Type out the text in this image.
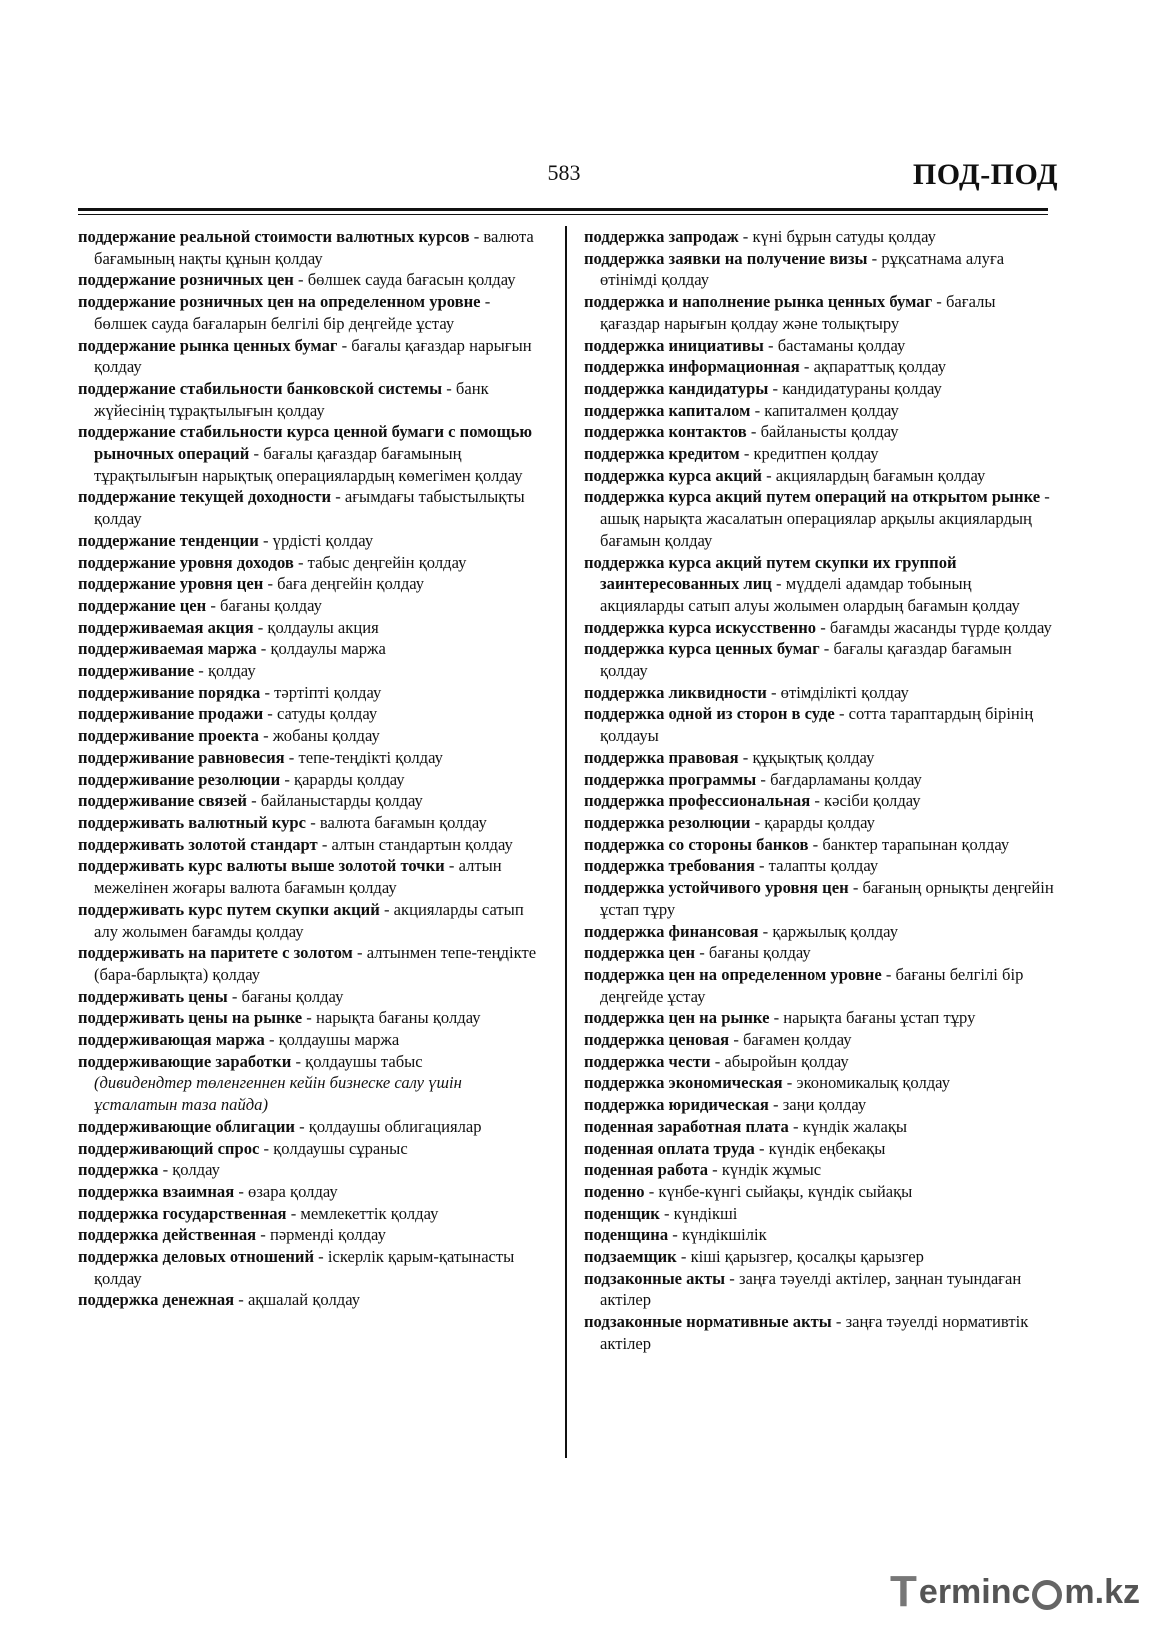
583	ПОД-ПОД
поддержание реальной стоимости валютных курсов - валюта бағамының нақты құнын қолдау
поддержание розничных цен - бөлшек сауда бағасын қолдау
поддержание розничных цен на определенном уровне - бөлшек сауда бағаларын белгілі бір деңгейде ұстау
поддержание рынка ценных бумаг - бағалы қағаздар нарығын қолдау
поддержание стабильности банковской системы - банк жүйесінің тұрақтылығын қолдау
поддержание стабильности курса ценной бумаги с помощью рыночных операций - бағалы қағаздар бағамының тұрақтылығын нарықтық операциялардың көмегімен қолдау
поддержание текущей доходности - ағымдағы табыстылықты қолдау
поддержание тенденции - үрдісті қолдау
поддержание уровня доходов - табыс деңгейін қолдау
поддержание уровня цен - баға деңгейін қолдау
поддержание цен - бағаны қолдау
поддерживаемая акция - қолдаулы акция
поддерживаемая маржа - қолдаулы маржа
поддерживание - қолдау
поддерживание порядка - тәртіпті қолдау
поддерживание продажи - сатуды қолдау
поддерживание проекта - жобаны қолдау
поддерживание равновесия - тепе-теңдікті қолдау
поддерживание резолюции - қарарды қолдау
поддерживание связей - байланыстарды қолдау
поддерживать валютный курс - валюта бағамын қолдау
поддерживать золотой стандарт - алтын стандартын қолдау
поддерживать курс валюты выше золотой точки - алтын межелінен жоғары валюта бағамын қолдау
поддерживать курс путем скупки акций - акцияларды сатып алу жолымен бағамды қолдау
поддерживать на паритете с золотом - алтынмен тепе-теңдікте (бара-барлықта) қолдау
поддерживать цены - бағаны қолдау
поддерживать цены на рынке - нарықта бағаны қолдау
поддерживающая маржа - қолдаушы маржа
поддерживающие заработки - қолдаушы табыс
(дивидендтер төленгеннен кейін бизнеске салу үшін ұсталатын таза пайда)
поддерживающие облигации - қолдаушы облигациялар
поддерживающий спрос - қолдаушы сұраныс
поддержка - қолдау
поддержка взаимная - өзара қолдау
поддержка государственная - мемлекеттік қолдау
поддержка действенная - пәрменді қолдау
поддержка деловых отношений - іскерлік қарым-қатынасты қолдау
поддержка денежная - ақшалай қолдау
поддержка запродаж - күні бұрын сатуды қолдау
поддержка заявки на получение визы - рұқсатнама алуға өтінімді қолдау
поддержка и наполнение рынка ценных бумаг - бағалы қағаздар нарығын қолдау және толықтыру
поддержка инициативы - бастаманы қолдау
поддержка информационная - ақпараттық қолдау
поддержка кандидатуры - кандидатураны қолдау
поддержка капиталом - капиталмен қолдау
поддержка контактов - байланысты қолдау
поддержка кредитом - кредитпен қолдау
поддержка курса акций - акциялардың бағамын қолдау
поддержка курса акций путем операций на открытом рынке - ашық нарықта жасалатын операциялар арқылы акциялардың бағамын қолдау
поддержка курса акций путем скупки их группой заинтересованных лиц - мүдделі адамдар тобының акцияларды сатып алуы жолымен олардың бағамын қолдау
поддержка курса искусственно - бағамды жасанды түрде қолдау
поддержка курса ценных бумаг - бағалы қағаздар бағамын қолдау
поддержка ликвидности - өтімділікті қолдау
поддержка одной из сторон в суде - сотта тараптардың бірінің қолдауы
поддержка правовая - құқықтық қолдау
поддержка программы - бағдарламаны қолдау
поддержка профессиональная - кәсіби қолдау
поддержка резолюции - қарарды қолдау
поддержка со стороны банков - банктер тарапынан қолдау
поддержка требования - талапты қолдау
поддержка устойчивого уровня цен - бағаның орнықты деңгейін ұстап тұру
поддержка финансовая - қаржылық қолдау
поддержка цен - бағаны қолдау
поддержка цен на определенном уровне - бағаны белгілі бір деңгейде ұстау
поддержка цен на рынке - нарықта бағаны ұстап тұру
поддержка ценовая - бағамен қолдау
поддержка чести - абыройын қолдау
поддержка экономическая - экономикалық қолдау
поддержка юридическая - заңи қолдау
поденная заработная плата - күндік жалақы
поденная оплата труда - күндік еңбекақы
поденная работа - күндік жұмыс
поденно - күнбе-күнгі сыйақы, күндік сыйақы
поденщик - күндікші
поденщина - күндікшілік
подзаемщик - кіші қарызгер, қосалқы қарызгер
подзаконные акты - заңға тәуелді актілер, заңнан туындаған актілер
подзаконные нормативные акты - заңға тәуелді нормативтік актілер
T erminc m.kz
